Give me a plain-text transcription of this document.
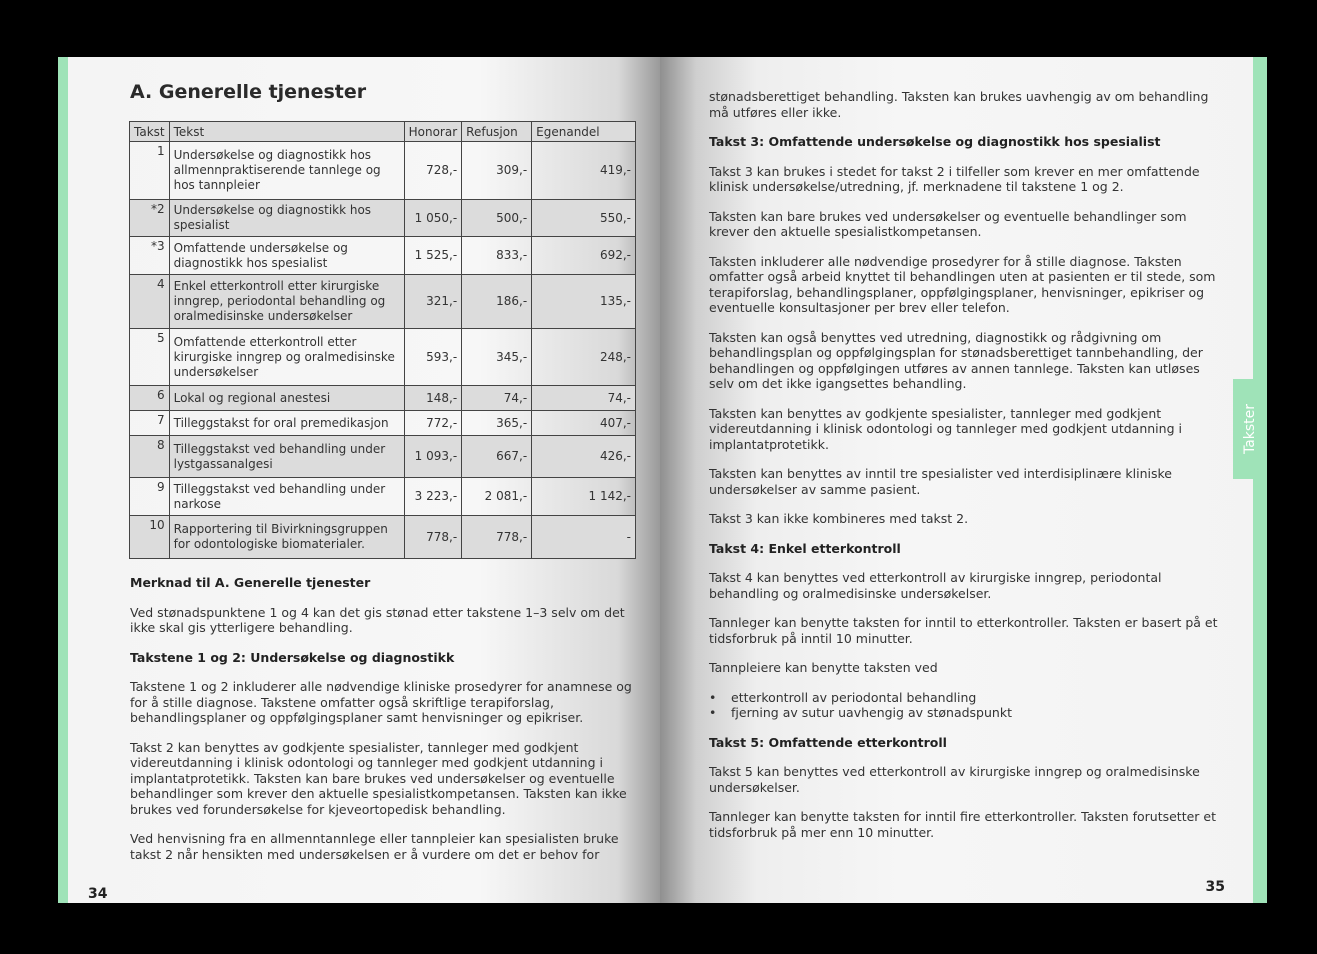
A. Generelle tjenester
Takst	Tekst	Honorar	Refusjon	Egenandel
1	Undersøkelse og diagnostikk hos allmennpraktiserende tannlege og hos tannpleier	728,-	309,-	419,-
*2	Undersøkelse og diagnostikk hos spesialist	1 050,-	500,-	550,-
*3	Omfattende undersøkelse og diagnostikk hos spesialist	1 525,-	833,-	692,-
4	Enkel etterkontroll etter kirurgiske inngrep, periodontal behandling og oralmedisinske undersøkelser	321,-	186,-	135,-
5	Omfattende etterkontroll etter kirurgiske inngrep og oralmedisinske undersøkelser	593,-	345,-	248,-
6	Lokal og regional anestesi	148,-	74,-	74,-
7	Tilleggstakst for oral premedikasjon	772,-	365,-	407,-
8	Tilleggstakst ved behandling under lystgassanalgesi	1 093,-	667,-	426,-
9	Tilleggstakst ved behandling under narkose	3 223,-	2 081,-	1 142,-
10	Rapportering til Bivirkningsgruppen for odontologiske biomaterialer.	778,-	778,-	-

Merknad til A. Generelle tjenester

Ved stønadspunktene 1 og 4 kan det gis stønad etter takstene 1–3 selv om det ikke skal gis ytterligere behandling.

Takstene 1 og 2: Undersøkelse og diagnostikk

Takstene 1 og 2 inkluderer alle nødvendige kliniske prosedyrer for anamnese og for å stille diagnose. Takstene omfatter også skriftlige terapiforslag, behandlingsplaner og oppfølgingsplaner samt henvisninger og epikriser.

Takst 2 kan benyttes av godkjente spesialister, tannleger med godkjent videreutdanning i klinisk odontologi og tannleger med godkjent utdanning i implantatprotetikk. Taksten kan bare brukes ved undersøkelser og eventuelle behandlinger som krever den aktuelle spesialistkompetansen. Taksten kan ikke brukes ved forundersøkelse for kjeveortopedisk behandling.

Ved henvisning fra en allmenntannlege eller tannpleier kan spesialisten bruke takst 2 når hensikten med undersøkelsen er å vurdere om det er behov for

34
Takster

stønadsberettiget behandling. Taksten kan brukes uavhengig av om behandling må utføres eller ikke.

Takst 3: Omfattende undersøkelse og diagnostikk hos spesialist

Takst 3 kan brukes i stedet for takst 2 i tilfeller som krever en mer omfattende klinisk undersøkelse/utredning, jf. merknadene til takstene 1 og 2.

Taksten kan bare brukes ved undersøkelser og eventuelle behandlinger som krever den aktuelle spesialistkompetansen.

Taksten inkluderer alle nødvendige prosedyrer for å stille diagnose. Taksten omfatter også arbeid knyttet til behandlingen uten at pasienten er til stede, som terapiforslag, behandlingsplaner, oppfølgingsplaner, henvisninger, epikriser og eventuelle konsultasjoner per brev eller telefon.

Taksten kan også benyttes ved utredning, diagnostikk og rådgivning om behandlingsplan og oppfølgingsplan for stønadsberettiget tannbehandling, der behandlingen og oppfølgingen utføres av annen tannlege. Taksten kan utløses selv om det ikke igangsettes behandling.

Taksten kan benyttes av godkjente spesialister, tannleger med godkjent videreutdanning i klinisk odontologi og tannleger med godkjent utdanning i implantatprotetikk.

Taksten kan benyttes av inntil tre spesialister ved interdisiplinære kliniske undersøkelser av samme pasient.

Takst 3 kan ikke kombineres med takst 2.

Takst 4: Enkel etterkontroll

Takst 4 kan benyttes ved etterkontroll av kirurgiske inngrep, periodontal behandling og oralmedisinske undersøkelser.

Tannleger kan benytte taksten for inntil to etterkontroller. Taksten er basert på et tidsforbruk på inntil 10 minutter.

Tannpleiere kan benytte taksten ved

• etterkontroll av periodontal behandling
• fjerning av sutur uavhengig av stønadspunkt

Takst 5: Omfattende etterkontroll

Takst 5 kan benyttes ved etterkontroll av kirurgiske inngrep og oralmedisinske undersøkelser.

Tannleger kan benytte taksten for inntil fire etterkontroller. Taksten forutsetter et tidsforbruk på mer enn 10 minutter.

35
